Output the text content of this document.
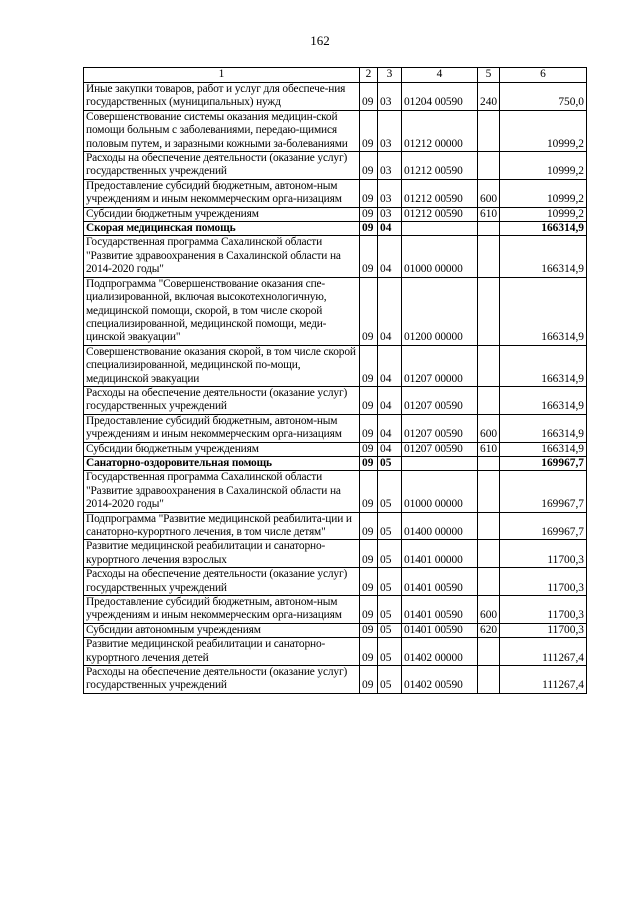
162
1	2	3	4	5	6
Иные закупки товаров, работ и услуг для обеспече-ния государственных (муниципальных) нужд	09	03	01204 00590	240	750,0
Совершенствование системы оказания медицин-ской помощи больным с заболеваниями, передаю-щимися половым путем, и заразными кожными за-болеваниями	09	03	01212 00000		10999,2
Расходы на обеспечение деятельности (оказание услуг) государственных учреждений	09	03	01212 00590		10999,2
Предоставление субсидий бюджетным, автоном-ным учреждениям и иным некоммерческим орга-низациям	09	03	01212 00590	600	10999,2
Субсидии бюджетным учреждениям	09	03	01212 00590	610	10999,2
Скорая медицинская помощь	09	04			166314,9
Государственная программа Сахалинской области "Развитие здравоохранения в Сахалинской области на 2014-2020 годы"	09	04	01000 00000		166314,9
Подпрограмма "Совершенствование оказания спе-циализированной, включая высокотехнологичную, медицинской помощи, скорой, в том числе скорой специализированной, медицинской помощи, меди-цинской эвакуации"	09	04	01200 00000		166314,9
Совершенствование оказания скорой, в том числе скорой специализированной, медицинской по-мощи, медицинской эвакуации	09	04	01207 00000		166314,9
Расходы на обеспечение деятельности (оказание услуг) государственных учреждений	09	04	01207 00590		166314,9
Предоставление субсидий бюджетным, автоном-ным учреждениям и иным некоммерческим орга-низациям	09	04	01207 00590	600	166314,9
Субсидии бюджетным учреждениям	09	04	01207 00590	610	166314,9
Санаторно-оздоровительная помощь	09	05			169967,7
Государственная программа Сахалинской области "Развитие здравоохранения в Сахалинской области на 2014-2020 годы"	09	05	01000 00000		169967,7
Подпрограмма "Развитие медицинской реабилита-ции и санаторно-курортного лечения, в том числе детям"	09	05	01400 00000		169967,7
Развитие медицинской реабилитации и санаторно-курортного лечения взрослых	09	05	01401 00000		11700,3
Расходы на обеспечение деятельности (оказание услуг) государственных учреждений	09	05	01401 00590		11700,3
Предоставление субсидий бюджетным, автоном-ным учреждениям и иным некоммерческим орга-низациям	09	05	01401 00590	600	11700,3
Субсидии автономным учреждениям	09	05	01401 00590	620	11700,3
Развитие медицинской реабилитации и санаторно-курортного лечения детей	09	05	01402 00000		111267,4
Расходы на обеспечение деятельности (оказание услуг) государственных учреждений	09	05	01402 00590		111267,4
